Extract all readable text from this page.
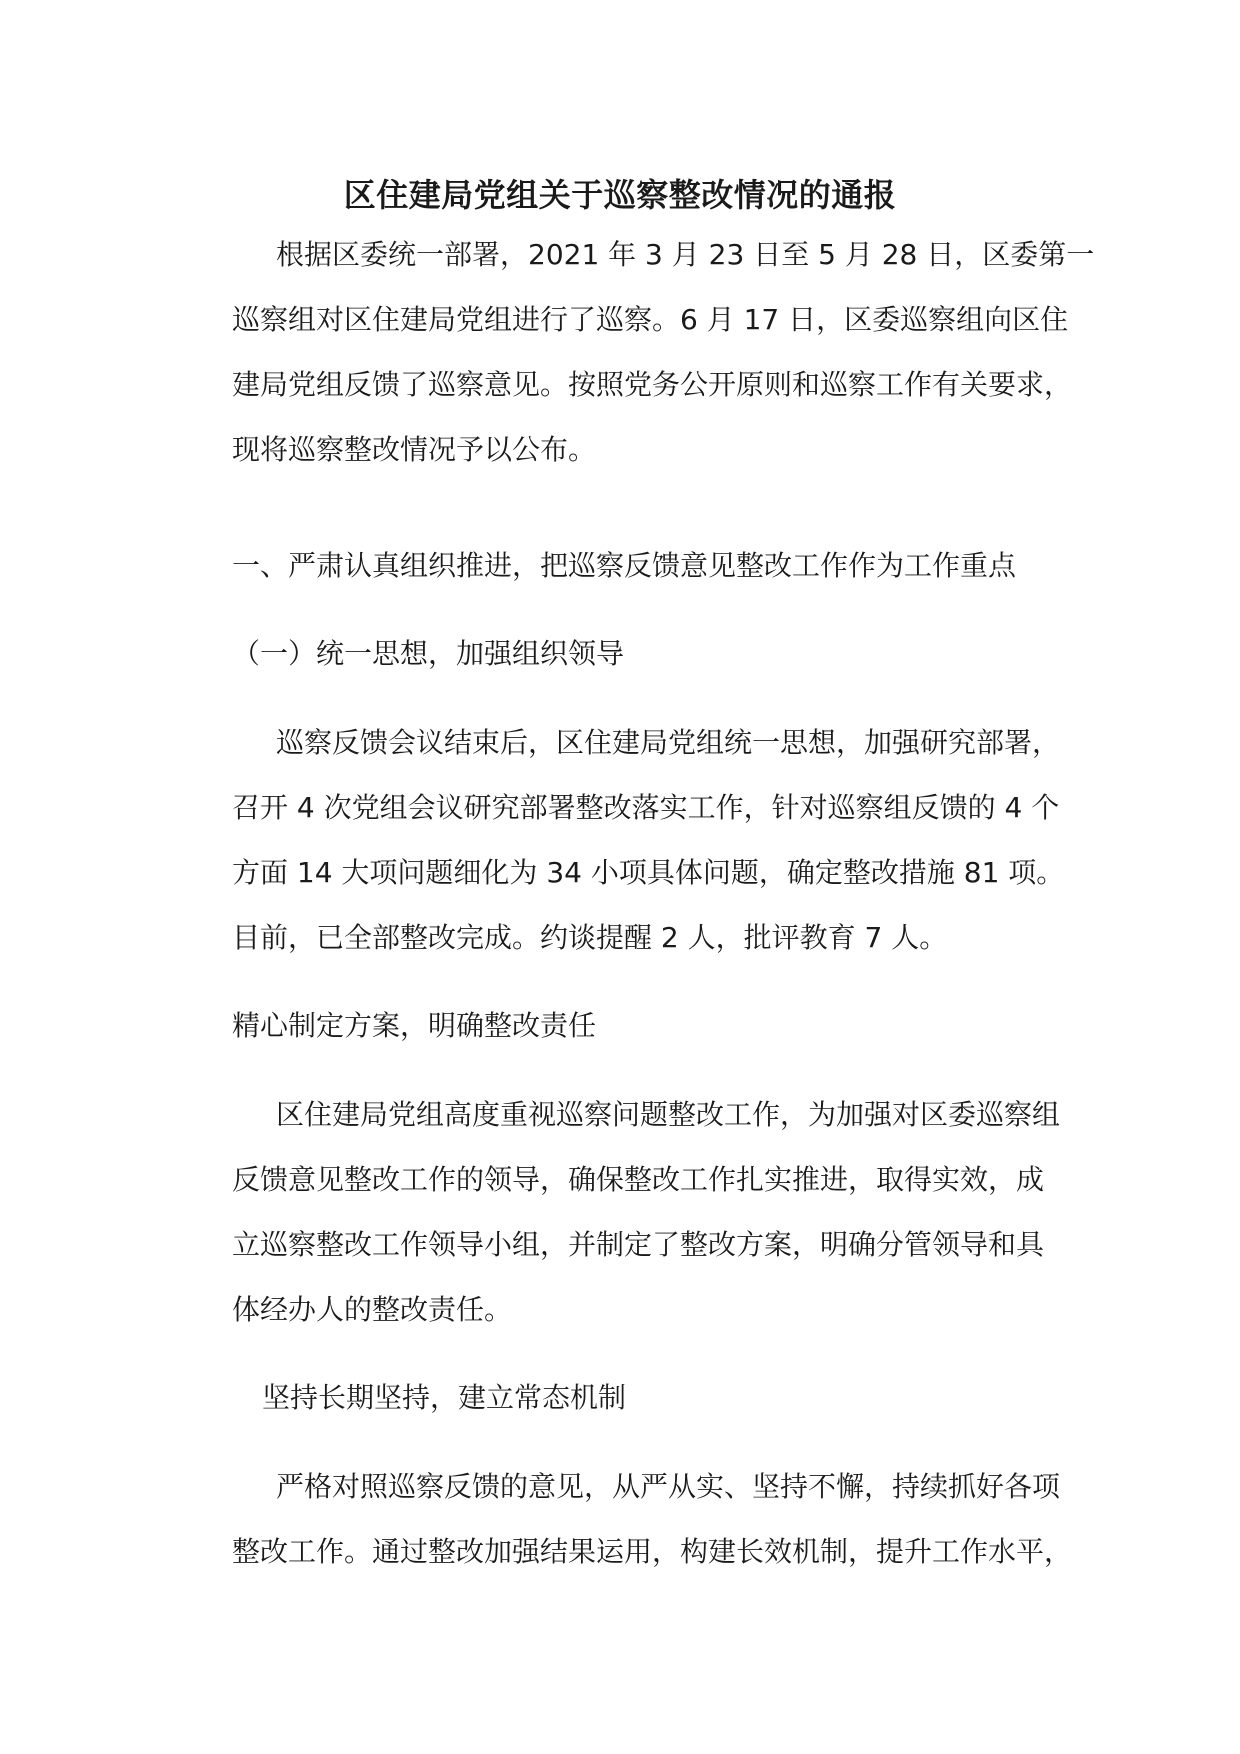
区住建局党组关于巡察整改情况的通报
根据区委统一部署，2021 年 3 月 23 日至 5 月 28 日，区委第一
巡察组对区住建局党组进行了巡察。6 月 17 日，区委巡察组向区住
建局党组反馈了巡察意见。按照党务公开原则和巡察工作有关要求，
现将巡察整改情况予以公布。

一、严肃认真组织推进，把巡察反馈意见整改工作作为工作重点

（一）统一思想，加强组织领导

巡察反馈会议结束后，区住建局党组统一思想，加强研究部署，
召开 4 次党组会议研究部署整改落实工作，针对巡察组反馈的 4 个
方面 14 大项问题细化为 34 小项具体问题，确定整改措施 81 项。
目前，已全部整改完成。约谈提醒 2 人，批评教育 7 人。

精心制定方案，明确整改责任

区住建局党组高度重视巡察问题整改工作，为加强对区委巡察组
反馈意见整改工作的领导，确保整改工作扎实推进，取得实效，成
立巡察整改工作领导小组，并制定了整改方案，明确分管领导和具
体经办人的整改责任。

坚持长期坚持，建立常态机制

严格对照巡察反馈的意见，从严从实、坚持不懈，持续抓好各项
整改工作。通过整改加强结果运用，构建长效机制，提升工作水平，
